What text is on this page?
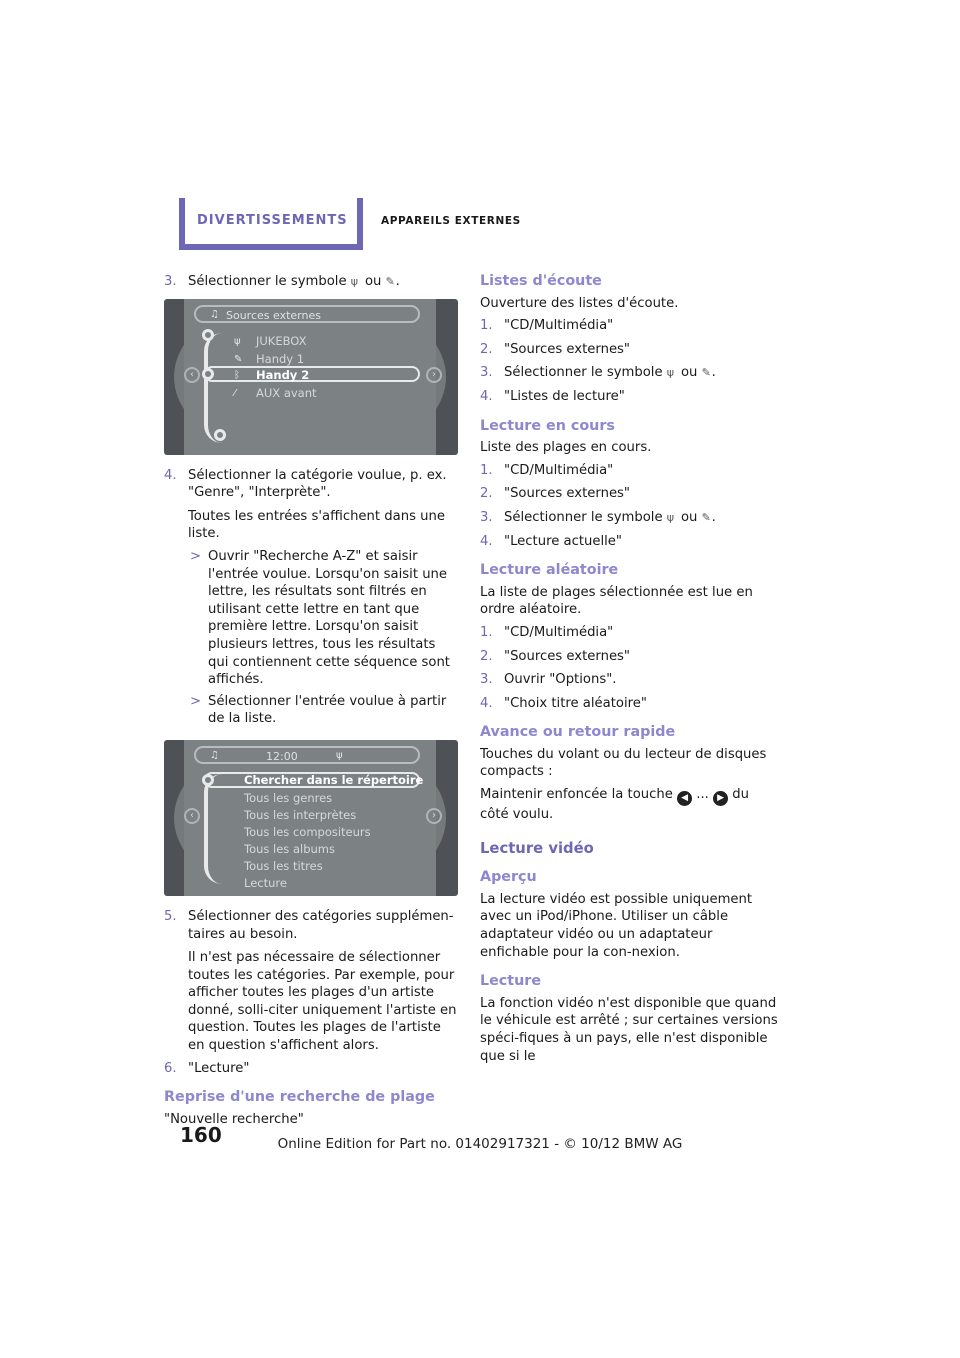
DIVERTISSEMENTS	APPAREILS EXTERNES
3. Sélectionner le symbole ψ ou ✎.
Sources externes
♫
ψ
✎
ᛒ
⁄
JUKEBOX
Handy 1
Handy 2
AUX avant
‹	›
4. Sélectionner la catégorie voulue, p. ex. "Genre", "Interprète".
Toutes les entrées s'affichent dans une liste.
> Ouvrir "Recherche A-Z" et saisir l'entrée voulue. Lorsqu'on saisit une lettre, les résultats sont filtrés en utilisant cette lettre en tant que première lettre. Lorsqu'on saisit plusieurs lettres, tous les résultats qui contiennent cette séquence sont affichés.
> Sélectionner l'entrée voulue à partir de la liste.
12:00
♫	ψ
Chercher dans le répertoire
Tous les genres
Tous les interprètes
Tous les compositeurs
Tous les albums
Tous les titres
Lecture
‹	›
5. Sélectionner des catégories supplémen-taires au besoin.
Il n'est pas nécessaire de sélectionner toutes les catégories. Par exemple, pour afficher toutes les plages d'un artiste donné, solli-citer uniquement l'artiste en question. Toutes les plages de l'artiste en question s'affichent alors.
6. "Lecture"
Reprise d'une recherche de plage
"Nouvelle recherche"
Listes d'écoute
Ouverture des listes d'écoute.
1. "CD/Multimédia"
2. "Sources externes"
3. Sélectionner le symbole ψ ou ✎.
4. "Listes de lecture"
Lecture en cours
Liste des plages en cours.
1. "CD/Multimédia"
2. "Sources externes"
3. Sélectionner le symbole ψ ou ✎.
4. "Lecture actuelle"
Lecture aléatoire
La liste de plages sélectionnée est lue en ordre aléatoire.
1. "CD/Multimédia"
2. "Sources externes"
3. Ouvrir "Options".
4. "Choix titre aléatoire"
Avance ou retour rapide
Touches du volant ou du lecteur de disques compacts :
Maintenir enfoncée la touche ◀ ... ▶ du côté voulu.
Lecture vidéo
Aperçu
La lecture vidéo est possible uniquement avec un iPod/iPhone. Utiliser un câble adaptateur vidéo ou un adaptateur enfichable pour la con-nexion.
Lecture
La fonction vidéo n'est disponible que quand le véhicule est arrêté ; sur certaines versions spéci-fiques à un pays, elle n'est disponible que si le
160	Online Edition for Part no. 01402917321 - © 10/12 BMW AG
